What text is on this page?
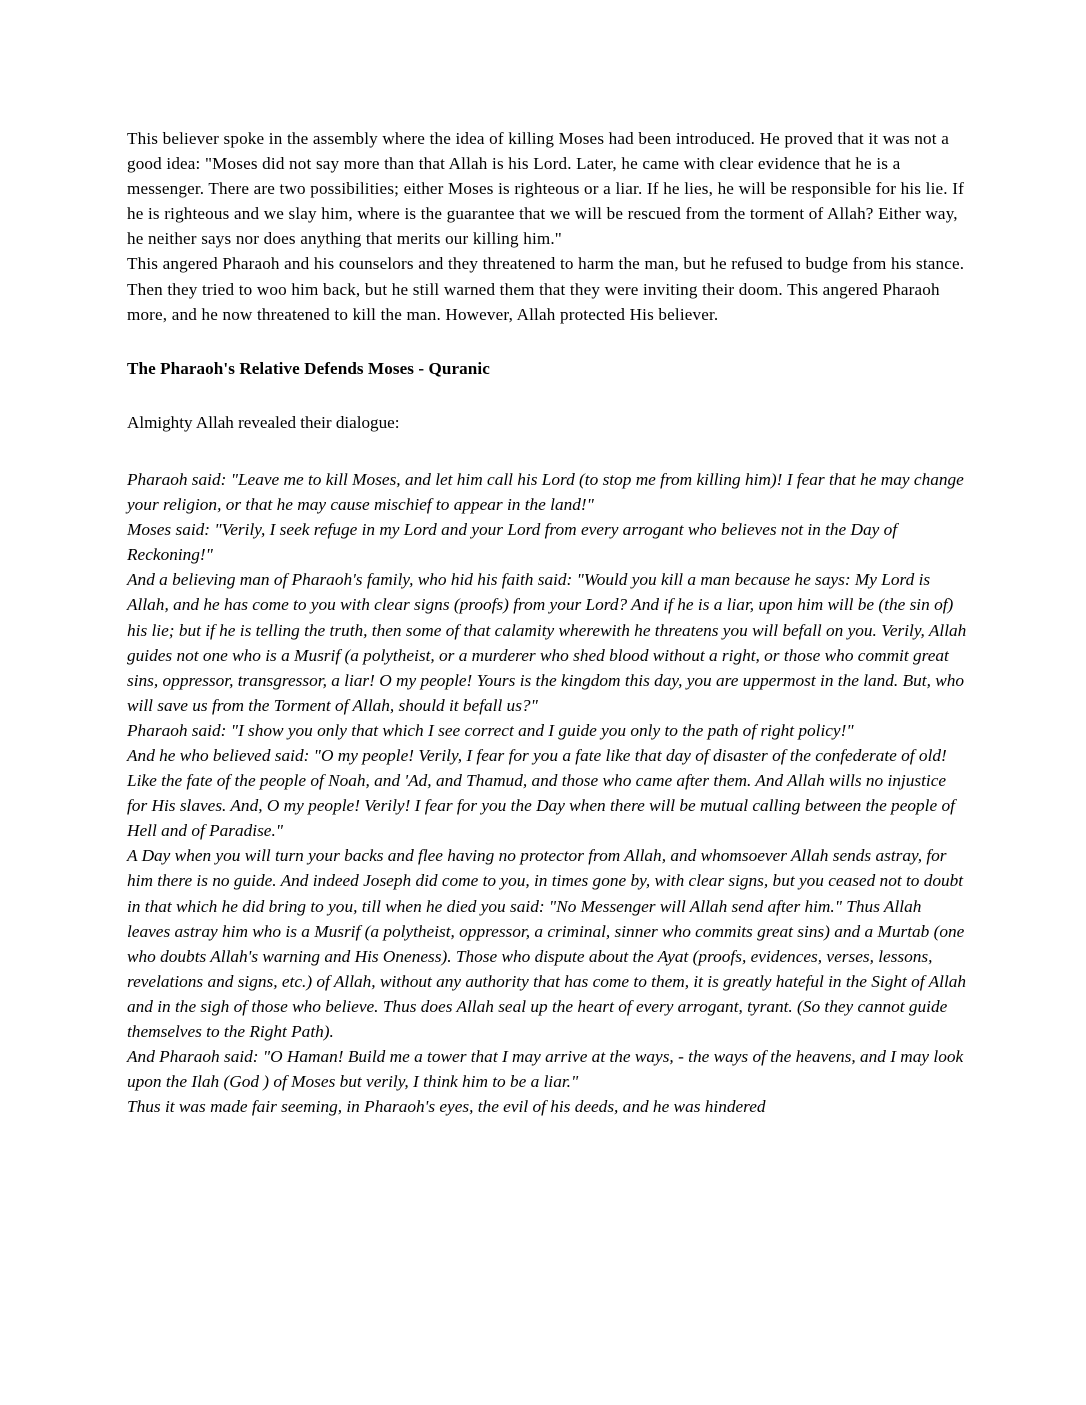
This believer spoke in the assembly where the idea of killing Moses had been introduced. He proved that it was not a good idea: "Moses did not say more than that Allah is his Lord. Later, he came with clear evidence that he is a messenger. There are two possibilities; either Moses is righteous or a liar. If he lies, he will be responsible for his lie. If he is righteous and we slay him, where is the guarantee that we will be rescued from the torment of Allah? Either way, he neither says nor does anything that merits our killing him."

This angered Pharaoh and his counselors and they threatened to harm the man, but he refused to budge from his stance. Then they tried to woo him back, but he still warned them that they were inviting their doom. This angered Pharaoh more, and he now threatened to kill the man. However, Allah protected His believer.

The Pharaoh's Relative Defends Moses - Quranic

Almighty Allah revealed their dialogue:

Pharaoh said: "Leave me to kill Moses, and let him call his Lord (to stop me from killing him)! I fear that he may change your religion, or that he may cause mischief to appear in the land!"
Moses said: "Verily, I seek refuge in my Lord and your Lord from every arrogant who believes not in the Day of Reckoning!"
And a believing man of Pharaoh's family, who hid his faith said: "Would you kill a man because he says: My Lord is Allah, and he has come to you with clear signs (proofs) from your Lord? And if he is a liar, upon him will be (the sin of) his lie; but if he is telling the truth, then some of that calamity wherewith he threatens you will befall on you. Verily, Allah guides not one who is a Musrif (a polytheist, or a murderer who shed blood without a right, or those who commit great sins, oppressor, transgressor, a liar! O my people! Yours is the kingdom this day, you are uppermost in the land. But, who will save us from the Torment of Allah, should it befall us?"
Pharaoh said: "I show you only that which I see correct and I guide you only to the path of right policy!"
And he who believed said: "O my people! Verily, I fear for you a fate like that day of disaster of the confederate of old! Like the fate of the people of Noah, and 'Ad, and Thamud, and those who came after them. And Allah wills no injustice for His slaves. And, O my people! Verily! I fear for you the Day when there will be mutual calling between the people of Hell and of Paradise."
A Day when you will turn your backs and flee having no protector from Allah, and whomsoever Allah sends astray, for him there is no guide. And indeed Joseph did come to you, in times gone by, with clear signs, but you ceased not to doubt in that which he did bring to you, till when he died you said: "No Messenger will Allah send after him." Thus Allah leaves astray him who is a Musrif (a polytheist, oppressor, a criminal, sinner who commits great sins) and a Murtab (one who doubts Allah's warning and His Oneness). Those who dispute about the Ayat (proofs, evidences, verses, lessons, revelations and signs, etc.) of Allah, without any authority that has come to them, it is greatly hateful in the Sight of Allah and in the sigh of those who believe. Thus does Allah seal up the heart of every arrogant, tyrant. (So they cannot guide themselves to the Right Path).
And Pharaoh said: "O Haman! Build me a tower that I may arrive at the ways, - the ways of the heavens, and I may look upon the Ilah (God ) of Moses but verily, I think him to be a liar."
Thus it was made fair seeming, in Pharaoh's eyes, the evil of his deeds, and he was hindered
